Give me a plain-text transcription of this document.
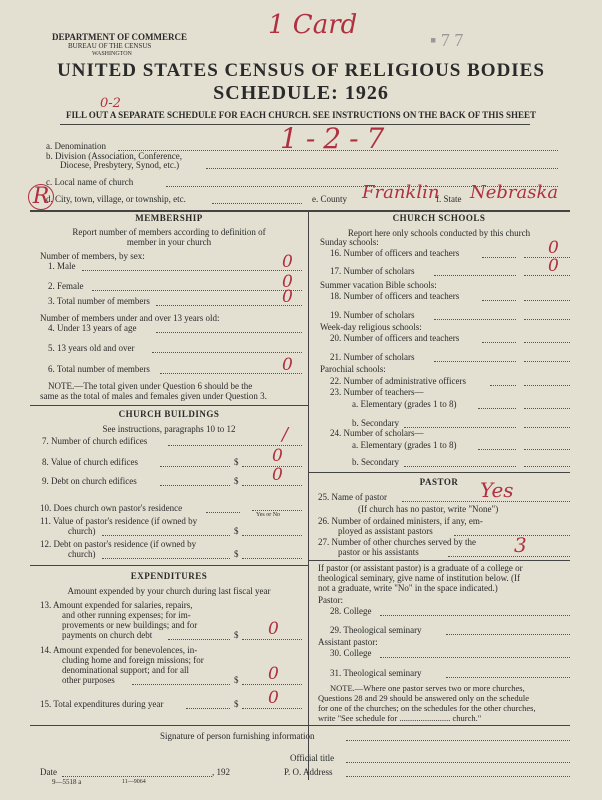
DEPARTMENT OF COMMERCE
BUREAU OF THE CENSUS
WASHINGTON
1 Card	▪ 7 7
UNITED STATES CENSUS OF RELIGIOUS BODIES
SCHEDULE: 1926
0-2
FILL OUT A SEPARATE SCHEDULE FOR EACH CHURCH. SEE INSTRUCTIONS ON THE BACK OF THIS SHEET
a. Denomination	1-2-7
b. Division (Association, Conference,
Diocese, Presbytery, Synod, etc.)
R
c. Local name of church
d. City, town, village, or township, etc.	e. County Franklin
f. State Nebraska
MEMBERSHIP
Report number of members according to definition of
member in your church
Number of members, by sex:
1. Male	0
2. Female	0
3. Total number of members	0
Number of members under and over 13 years old:
4. Under 13 years of age
5. 13 years old and over
6. Total number of members	0
NOTE.—The total given under Question 6 should be the
same as the total of males and females given under Question 3.
CHURCH BUILDINGS
See instructions, paragraphs 10 to 12
7. Number of church edifices	/
8. Value of church edifices	$ 0
9. Debt on church edifices	$ 0
10. Does church own pastor's residence
Yes or No
11. Value of pastor's residence (if owned by
church)	$
12. Debt on pastor's residence (if owned by
church)	$
EXPENDITURES
Amount expended by your church during last fiscal year
13. Amount expended for salaries, repairs,
and other running expenses; for im-
provements or new buildings; and for
payments on church debt	$ 0
14. Amount expended for benevolences, in-
cluding home and foreign missions; for
denominational support; and for all
other purposes	$ 0
15. Total expenditures during year	$ 0
CHURCH SCHOOLS
Report here only schools conducted by this church
Sunday schools:
16. Number of officers and teachers	0
17. Number of scholars	0
Summer vacation Bible schools:
18. Number of officers and teachers
19. Number of scholars
Week-day religious schools:
20. Number of officers and teachers
21. Number of scholars
Parochial schools:
22. Number of administrative officers
23. Number of teachers—
a. Elementary (grades 1 to 8)
b. Secondary
24. Number of scholars—
a. Elementary (grades 1 to 8)
b. Secondary
PASTOR
25. Name of pastor	Yes
(If church has no pastor, write "None")
26. Number of ordained ministers, if any, em-
ployed as assistant pastors
27. Number of other churches served by the
pastor or his assistants	3
If pastor (or assistant pastor) is a graduate of a college or
theological seminary, give name of institution below. (If
not a graduate, write "No" in the space indicated.)
Pastor:
28. College
29. Theological seminary
Assistant pastor:
30. College
31. Theological seminary
NOTE.—Where one pastor serves two or more churches,
Questions 28 and 29 should be answered only on the schedule
for one of the churches; on the schedules for the other churches,
write "See schedule for ........................ church."
Signature of person furnishing information
Official title
Date	, 192	P. O. Address
9—5518 a	11—9064
